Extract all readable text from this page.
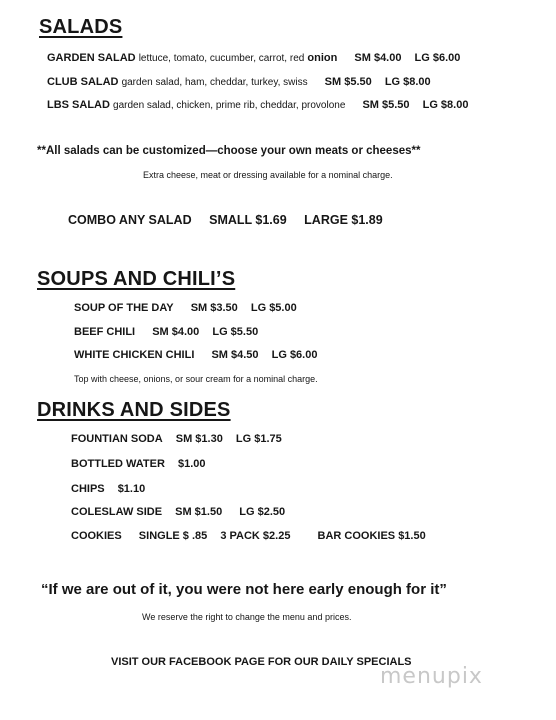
SALADS
GARDEN SALAD lettuce, tomato, cucumber, carrot, red onion SM $4.00 LG $6.00
CLUB SALAD garden salad, ham, cheddar, turkey, swiss SM $5.50 LG $8.00
LBS SALAD garden salad, chicken, prime rib, cheddar, provolone SM $5.50 LG $8.00
**All salads can be customized—choose your own meats or cheeses**
Extra cheese, meat or dressing available for a nominal charge.
COMBO ANY SALAD SMALL $1.69 LARGE $1.89
SOUPS AND CHILI’S
SOUP OF THE DAY SM $3.50 LG $5.00
BEEF CHILI SM $4.00 LG $5.50
WHITE CHICKEN CHILI SM $4.50 LG $6.00
Top with cheese, onions, or sour cream for a nominal charge.
DRINKS AND SIDES
FOUNTIAN SODA SM $1.30 LG $1.75
BOTTLED WATER $1.00
CHIPS $1.10
COLESLAW SIDE SM $1.50 LG $2.50
COOKIES SINGLE $ .85 3 PACK $2.25 BAR COOKIES $1.50
“If we are out of it, you were not here early enough for it”
We reserve the right to change the menu and prices.
VISIT OUR FACEBOOK PAGE FOR OUR DAILY SPECIALS
menupix
